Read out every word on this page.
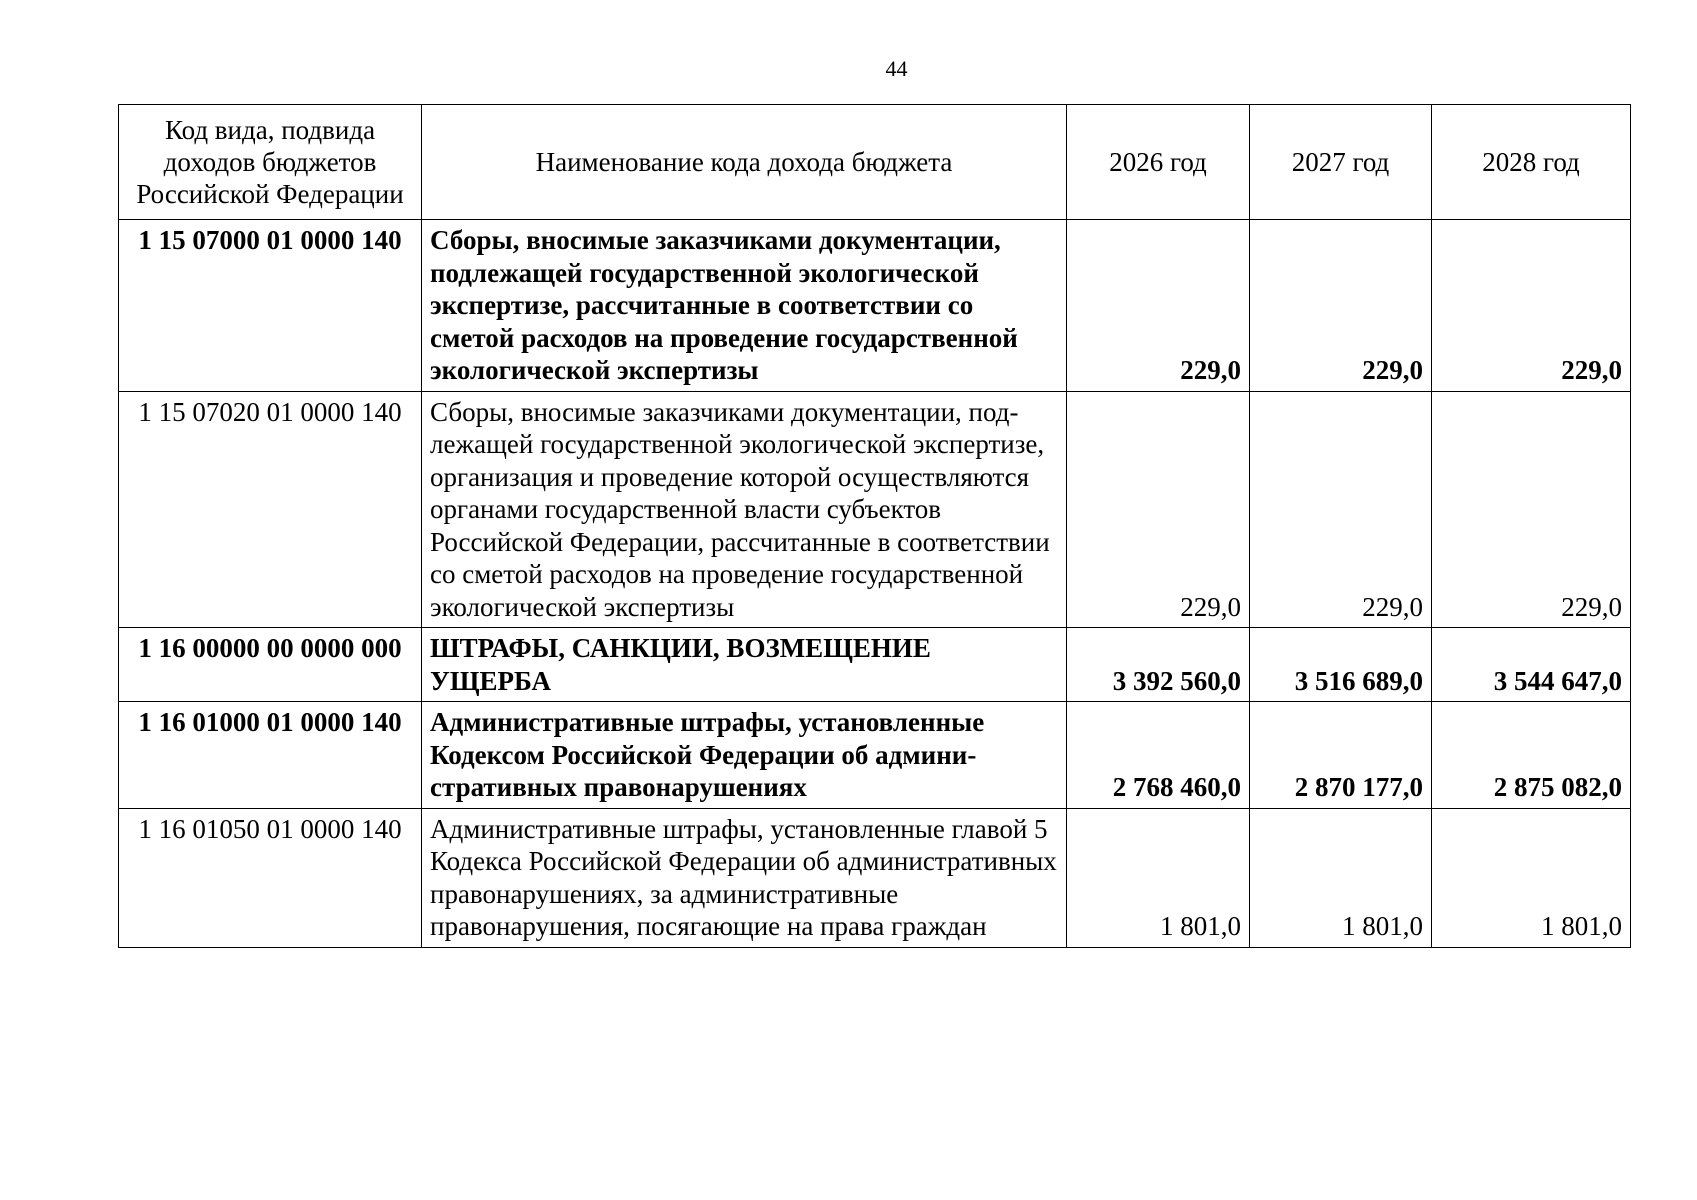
44
Код вида, подвида доходов бюджетов Российской Федерации	Наименование кода дохода бюджета	2026 год	2027 год	2028 год
1 15 07000 01 0000 140	Сборы, вносимые заказчиками документации, подлежащей государственной экологической экспертизе, рассчитанные в соответствии со сметой расходов на проведение государственной экологической экспертизы	229,0	229,0	229,0
1 15 07020 01 0000 140	Сборы, вносимые заказчиками документации, подлежащей государственной экологической экспертизе, организация и проведение которой осуществляются органами государственной власти субъектов Российской Федерации, рассчитанные в соответствии со сметой расходов на проведение государственной экологической экспертизы	229,0	229,0	229,0
1 16 00000 00 0000 000	ШТРАФЫ, САНКЦИИ, ВОЗМЕЩЕНИЕ УЩЕРБА	3 392 560,0	3 516 689,0	3 544 647,0
1 16 01000 01 0000 140	Административные штрафы, установленные Кодексом Российской Федерации об административных правонарушениях	2 768 460,0	2 870 177,0	2 875 082,0
1 16 01050 01 0000 140	Административные штрафы, установленные главой 5 Кодекса Российской Федерации об административных правонарушениях, за административные правонарушения, посягающие на права граждан	1 801,0	1 801,0	1 801,0
